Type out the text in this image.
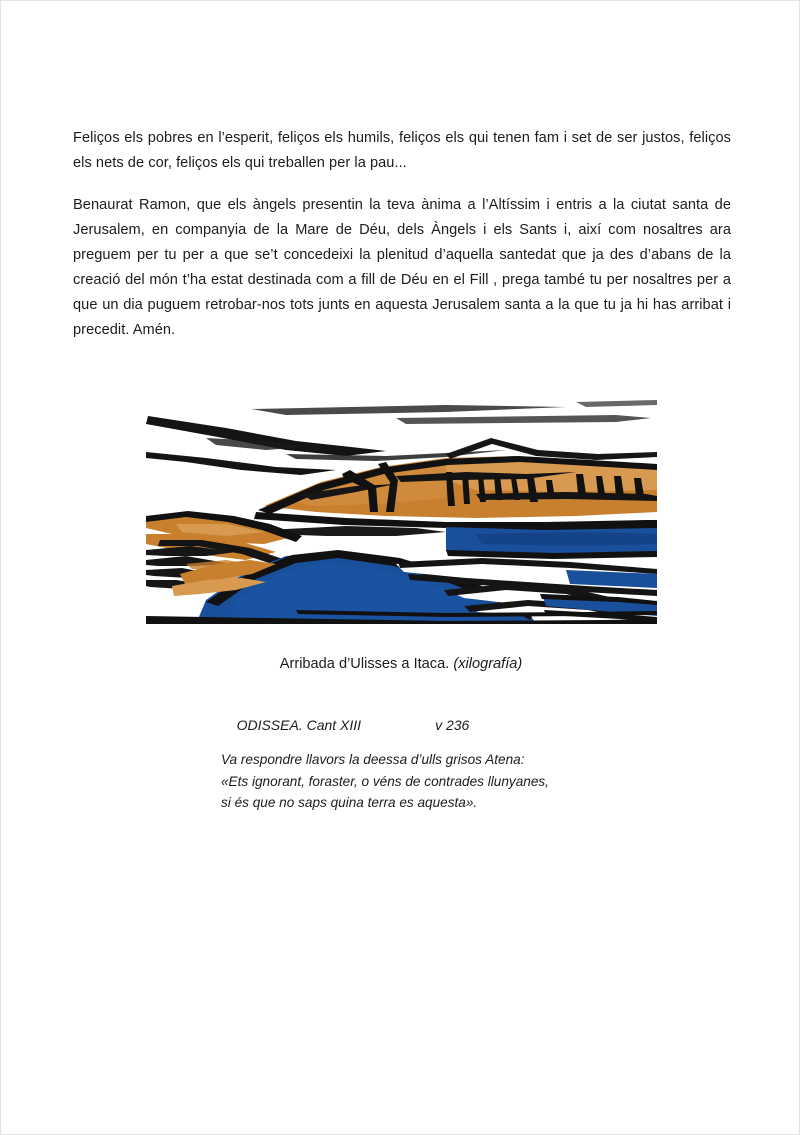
Feliços els pobres en l’esperit, feliços els humils, feliços els qui tenen fam i set de ser justos, feliços els nets de cor, feliços els qui treballen per la pau...

Benaurat Ramon, que els àngels presentin la teva ànima a l’Altíssim i entris a la ciutat santa de Jerusalem, en companyia de la Mare de Déu, dels Àngels i els Sants i, així com nosaltres ara preguem per tu per a que se’t concedeixi la plenitud d’aquella santedat que ja des d’abans de la creació del món t’ha estat destinada com a fill de Déu en el Fill , prega també tu per nosaltres per a que un dia puguem retrobar-nos tots junts en aquesta Jerusalem santa a la que tu ja hi has arribat i precedit. Amén.

Arribada d’Ulisses a Itaca. (xilografía)

ODISSEA. Cant XIII	v 236

Va respondre llavors la deessa d’ulls grisos Atena:
«Ets ignorant, foraster, o véns de contrades llunyanes,
si és que no saps quina terra es aquesta».
